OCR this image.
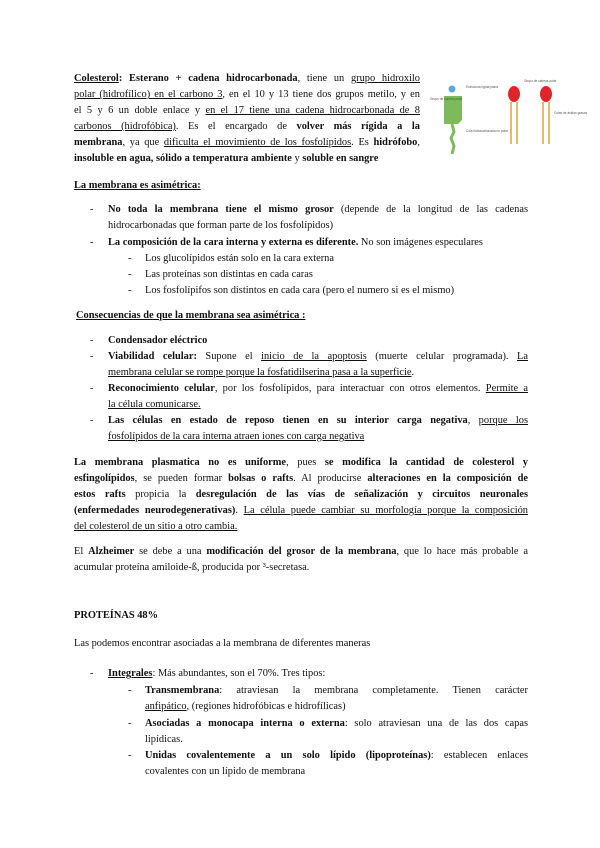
Colesterol: Esterano + cadena hidrocarbonada, tiene un grupo hidroxilo

polar (hidrofílico) en el carbono 3, en el 10 y 13 tiene dos grupos metilo, y en

el 5 y 6 un doble enlace y en el 17 tiene una cadena hidrocarbonada de 8

carbonos (hidrofóbica). Es el encargado de volver más rígida a la

membrana, ya que dificulta el movimiento de los fosfolípidos. Es hidrófobo,

insoluble en agua, sólido a temperatura ambiente y soluble en sangre

Grupo de cabeza polar
Estructura rígida plana
Cola hidrocarbonada no polar
Grupo de cabeza polar
Colas de ácidos grasos

La membrana es asimétrica:

- No toda la membrana tiene el mismo grosor (depende de la longitud de las cadenas

hidrocarbonadas que forman parte de los fosfolípidos)

- La composición de la cara interna y externa es diferente. No son imágenes especulares

- Los glucolípidos están solo en la cara externa

- Las proteínas son distintas en cada caras

- Los fosfolípifos son distintos en cada cara (pero el numero si es el mismo)

Consecuencias de que la membrana sea asimétrica :

- Condensador eléctrico

- Viabilidad celular: Supone el inicio de la apoptosis (muerte celular programada). La

membrana celular se rompe porque la fosfatidilserina pasa a la superficie.

- Reconocimiento celular, por los fosfolípidos, para interactuar con otros elementos. Permite a

la célula comunicarse.

- Las células en estado de reposo tienen en su interior carga negativa, porque los

fosfolípidos de la cara interna atraen iones con carga negativa

La membrana plasmatica no es uniforme, pues se modifica la cantidad de colesterol y

esfingolípidos, se pueden formar bolsas o rafts. Al producirse alteraciones en la composición de

estos rafts propicia la desregulación de las vías de señalización y circuitos neuronales

(enfermedades neurodegenerativas). La célula puede cambiar su morfología porque la composición

del colesterol de un sitio a otro cambia.

El Alzheimer se debe a una modificación del grosor de la membrana, que lo hace más probable a

acumular proteína amiloide-ß, producida por ³-secretasa.

PROTEÍNAS 48%

Las podemos encontrar asociadas a la membrana de diferentes maneras

- Integrales: Más abundantes, son el 70%. Tres tipos:

- Transmembrana: atraviesan la membrana completamente. Tienen carácter

anfipático, (regiones hidrofóbicas e hidrofílicas)

- Asociadas a monocapa interna o externa: solo atraviesan una de las dos capas

lipídicas.

- Unidas covalentemente a un solo lípido (lipoproteínas): establecen enlaces

covalentes con un lípido de membrana
